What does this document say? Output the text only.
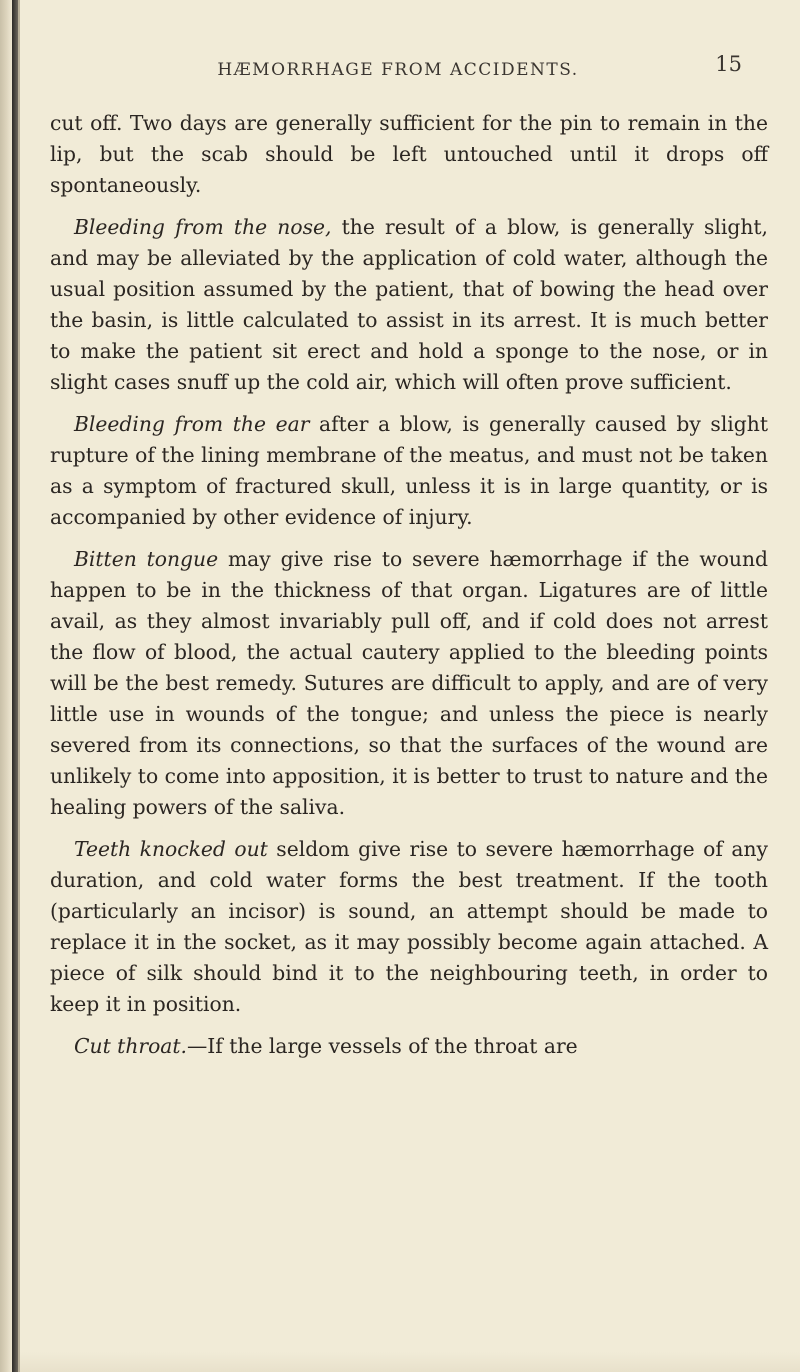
HÆMORRHAGE FROM ACCIDENTS.	15

cut off. Two days are generally sufficient for the pin to remain in the lip, but the scab should be left untouched until it drops off spontaneously.

Bleeding from the nose, the result of a blow, is generally slight, and may be alleviated by the application of cold water, although the usual position assumed by the patient, that of bowing the head over the basin, is little calculated to assist in its arrest. It is much better to make the patient sit erect and hold a sponge to the nose, or in slight cases snuff up the cold air, which will often prove sufficient.

Bleeding from the ear after a blow, is generally caused by slight rupture of the lining membrane of the meatus, and must not be taken as a symptom of fractured skull, unless it is in large quantity, or is accompanied by other evidence of injury.

Bitten tongue may give rise to severe hæmorrhage if the wound happen to be in the thickness of that organ. Ligatures are of little avail, as they almost invariably pull off, and if cold does not arrest the flow of blood, the actual cautery applied to the bleeding points will be the best remedy. Sutures are difficult to apply, and are of very little use in wounds of the tongue; and unless the piece is nearly severed from its connections, so that the surfaces of the wound are unlikely to come into apposition, it is better to trust to nature and the healing powers of the saliva.

Teeth knocked out seldom give rise to severe hæmorrhage of any duration, and cold water forms the best treatment. If the tooth (particularly an incisor) is sound, an attempt should be made to replace it in the socket, as it may possibly become again attached. A piece of silk should bind it to the neighbouring teeth, in order to keep it in position.

Cut throat.—If the large vessels of the throat are
